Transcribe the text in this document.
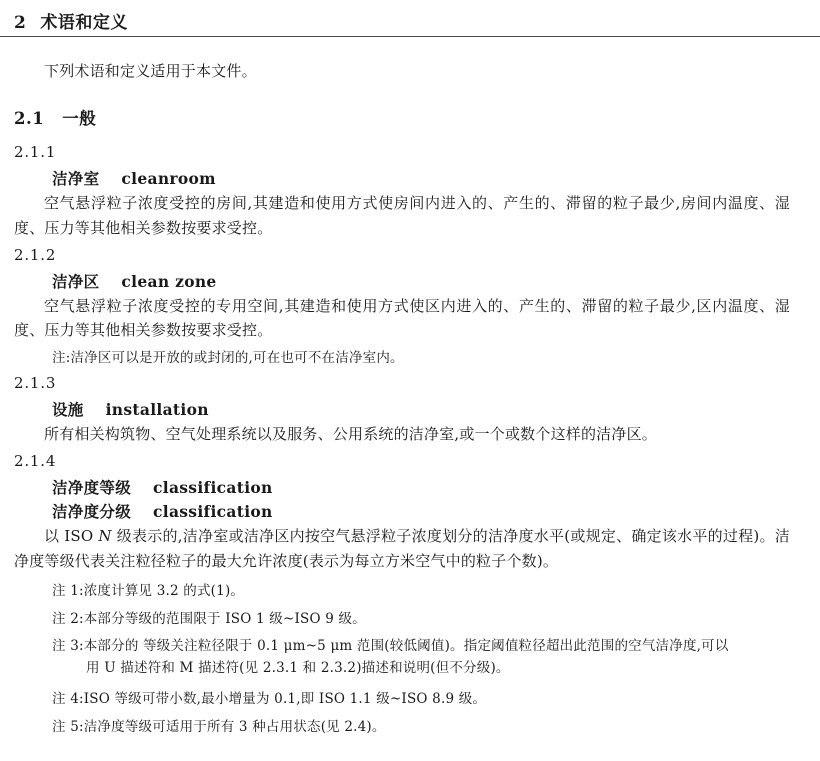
2 术语和定义

下列术语和定义适用于本文件。

2.1 一般
2.1.1
洁净室 cleanroom

空气悬浮粒子浓度受控的房间,其建造和使用方式使房间内进入的、产生的、滞留的粒子最少,房间内温度、湿度、压力等其他相关参数按要求受控。

2.1.2
洁净区 clean zone

空气悬浮粒子浓度受控的专用空间,其建造和使用方式使区内进入的、产生的、滞留的粒子最少,区内温度、湿度、压力等其他相关参数按要求受控。

注:洁净区可以是开放的或封闭的,可在也可不在洁净室内。

2.1.3
设施 installation

所有相关构筑物、空气处理系统以及服务、公用系统的洁净室,或一个或数个这样的洁净区。

2.1.4
洁净度等级 classification
洁净度分级 classification

以 ISO N 级表示的,洁净室或洁净区内按空气悬浮粒子浓度划分的洁净度水平(或规定、确定该水平的过程)。洁净度等级代表关注粒径粒子的最大允许浓度(表示为每立方米空气中的粒子个数)。

注 1:浓度计算见 3.2 的式(1)。

注 2:本部分等级的范围限于 ISO 1 级~ISO 9 级。

注 3:本部分的 等级关注粒径限于 0.1 μm~5 μm 范围(较低阈值)。指定阈值粒径超出此范围的空气洁净度,可以

用 U 描述符和 M 描述符(见 2.3.1 和 2.3.2)描述和说明(但不分级)。

注 4:ISO 等级可带小数,最小增量为 0.1,即 ISO 1.1 级~ISO 8.9 级。

注 5:洁净度等级可适用于所有 3 种占用状态(见 2.4)。
